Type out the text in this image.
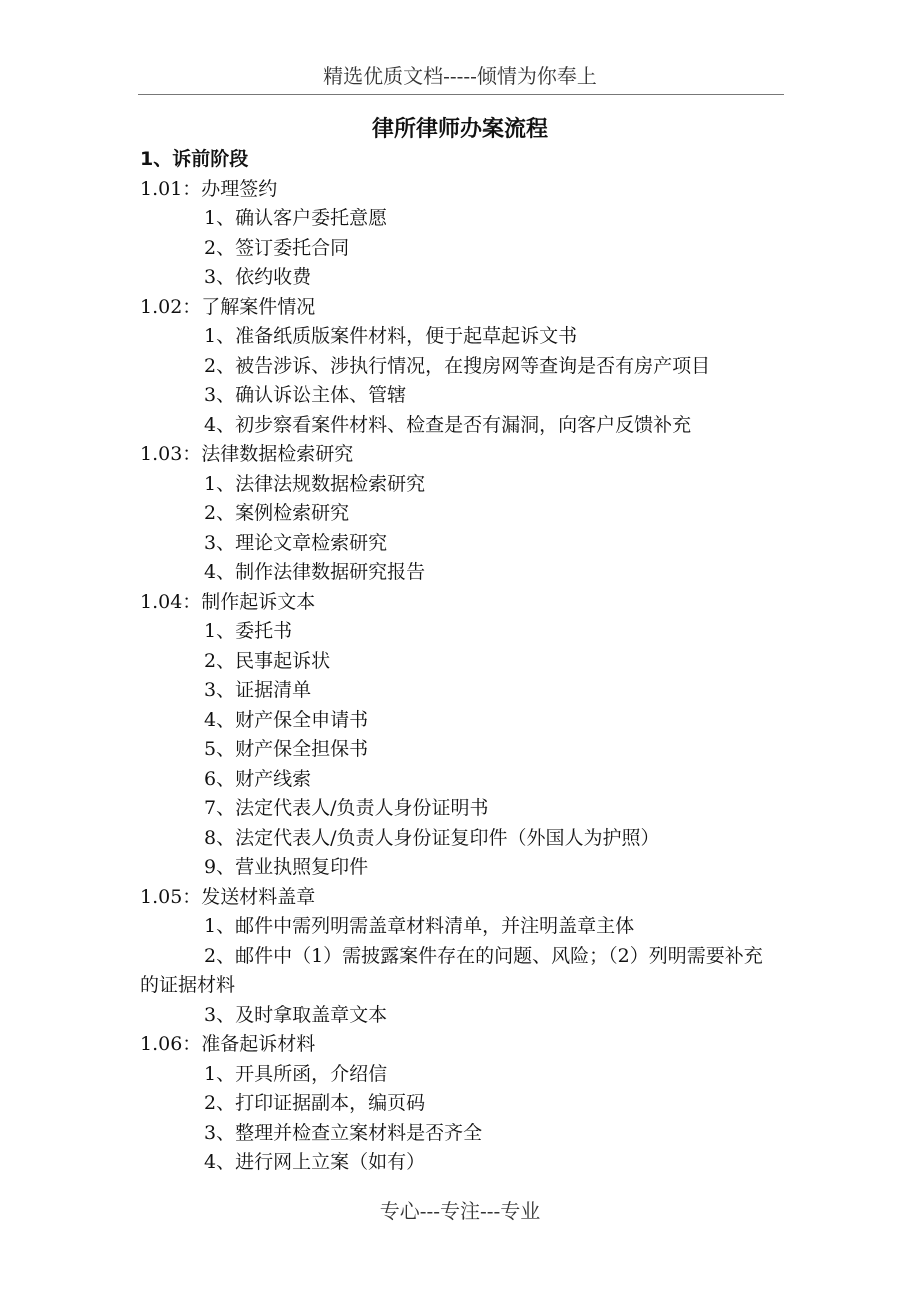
精选优质文档-----倾情为你奉上
律所律师办案流程
1、诉前阶段
1.01：办理签约
1、确认客户委托意愿
2、签订委托合同
3、依约收费
1.02：了解案件情况
1、准备纸质版案件材料，便于起草起诉文书
2、被告涉诉、涉执行情况，在搜房网等查询是否有房产项目
3、确认诉讼主体、管辖
4、初步察看案件材料、检查是否有漏洞，向客户反馈补充
1.03：法律数据检索研究
1、法律法规数据检索研究
2、案例检索研究
3、理论文章检索研究
4、制作法律数据研究报告
1.04：制作起诉文本
1、委托书
2、民事起诉状
3、证据清单
4、财产保全申请书
5、财产保全担保书
6、财产线索
7、法定代表人/负责人身份证明书
8、法定代表人/负责人身份证复印件（外国人为护照）
9、营业执照复印件
1.05：发送材料盖章
1、邮件中需列明需盖章材料清单，并注明盖章主体
2、邮件中（1）需披露案件存在的问题、风险；（2）列明需要补充
的证据材料
3、及时拿取盖章文本
1.06：准备起诉材料
1、开具所函，介绍信
2、打印证据副本，编页码
3、整理并检查立案材料是否齐全
4、进行网上立案（如有）
专心---专注---专业
